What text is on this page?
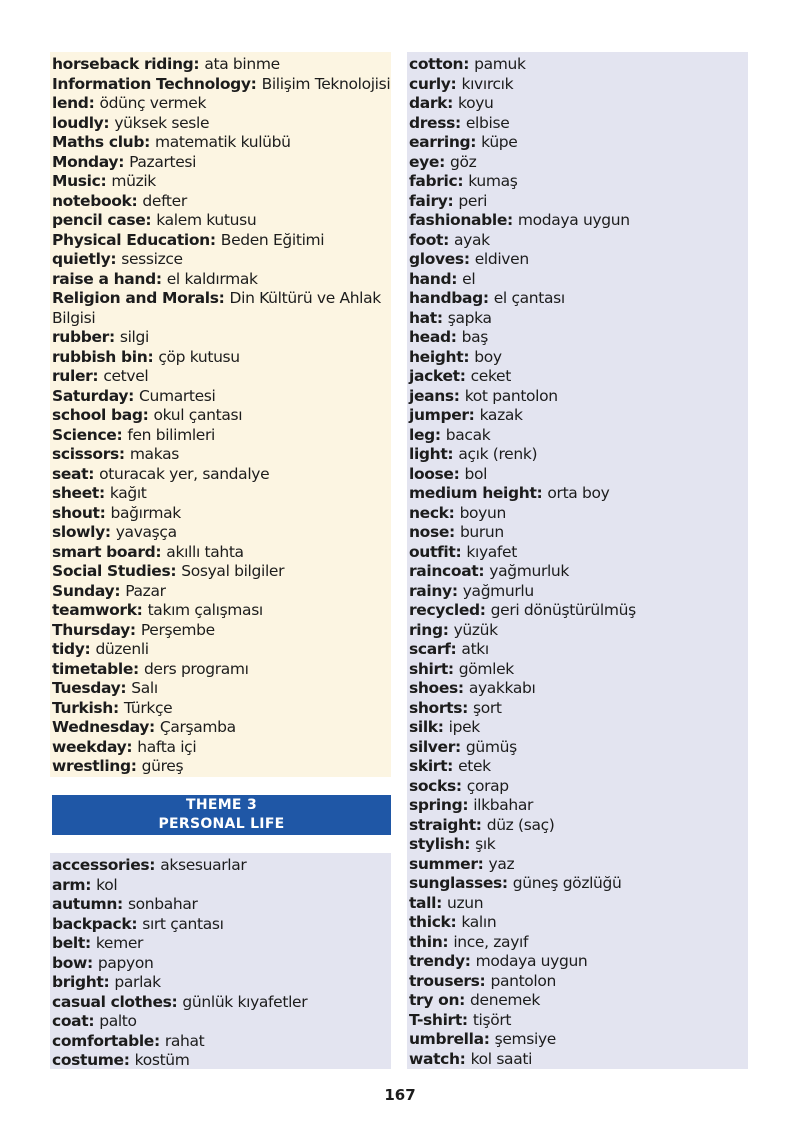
horseback riding: ata binme
Information Technology: Bilişim Teknolojisi
lend: ödünç vermek
loudly: yüksek sesle
Maths club: matematik kulübü
Monday: Pazartesi
Music: müzik
notebook: defter
pencil case: kalem kutusu
Physical Education: Beden Eğitimi
quietly: sessizce
raise a hand: el kaldırmak
Religion and Morals: Din Kültürü ve Ahlak Bilgisi
rubber: silgi
rubbish bin: çöp kutusu
ruler: cetvel
Saturday: Cumartesi
school bag: okul çantası
Science: fen bilimleri
scissors: makas
seat: oturacak yer, sandalye
sheet: kağıt
shout: bağırmak
slowly: yavaşça
smart board: akıllı tahta
Social Studies: Sosyal bilgiler
Sunday: Pazar
teamwork: takım çalışması
Thursday: Perşembe
tidy: düzenli
timetable: ders programı
Tuesday: Salı
Turkish: Türkçe
Wednesday: Çarşamba
weekday: hafta içi
wrestling: güreş
THEME 3
PERSONAL LIFE
accessories: aksesuarlar
arm: kol
autumn: sonbahar
backpack: sırt çantası
belt: kemer
bow: papyon
bright: parlak
casual clothes: günlük kıyafetler
coat: palto
comfortable: rahat
costume: kostüm
cotton: pamuk
curly: kıvırcık
dark: koyu
dress: elbise
earring: küpe
eye: göz
fabric: kumaş
fairy: peri
fashionable: modaya uygun
foot: ayak
gloves: eldiven
hand: el
handbag: el çantası
hat: şapka
head: baş
height: boy
jacket: ceket
jeans: kot pantolon
jumper: kazak
leg: bacak
light: açık (renk)
loose: bol
medium height: orta boy
neck: boyun
nose: burun
outfit: kıyafet
raincoat: yağmurluk
rainy: yağmurlu
recycled: geri dönüştürülmüş
ring: yüzük
scarf: atkı
shirt: gömlek
shoes: ayakkabı
shorts: şort
silk: ipek
silver: gümüş
skirt: etek
socks: çorap
spring: ilkbahar
straight: düz (saç)
stylish: şık
summer: yaz
sunglasses: güneş gözlüğü
tall: uzun
thick: kalın
thin: ince, zayıf
trendy: modaya uygun
trousers: pantolon
try on: denemek
T-shirt: tişört
umbrella: şemsiye
watch: kol saati
167
